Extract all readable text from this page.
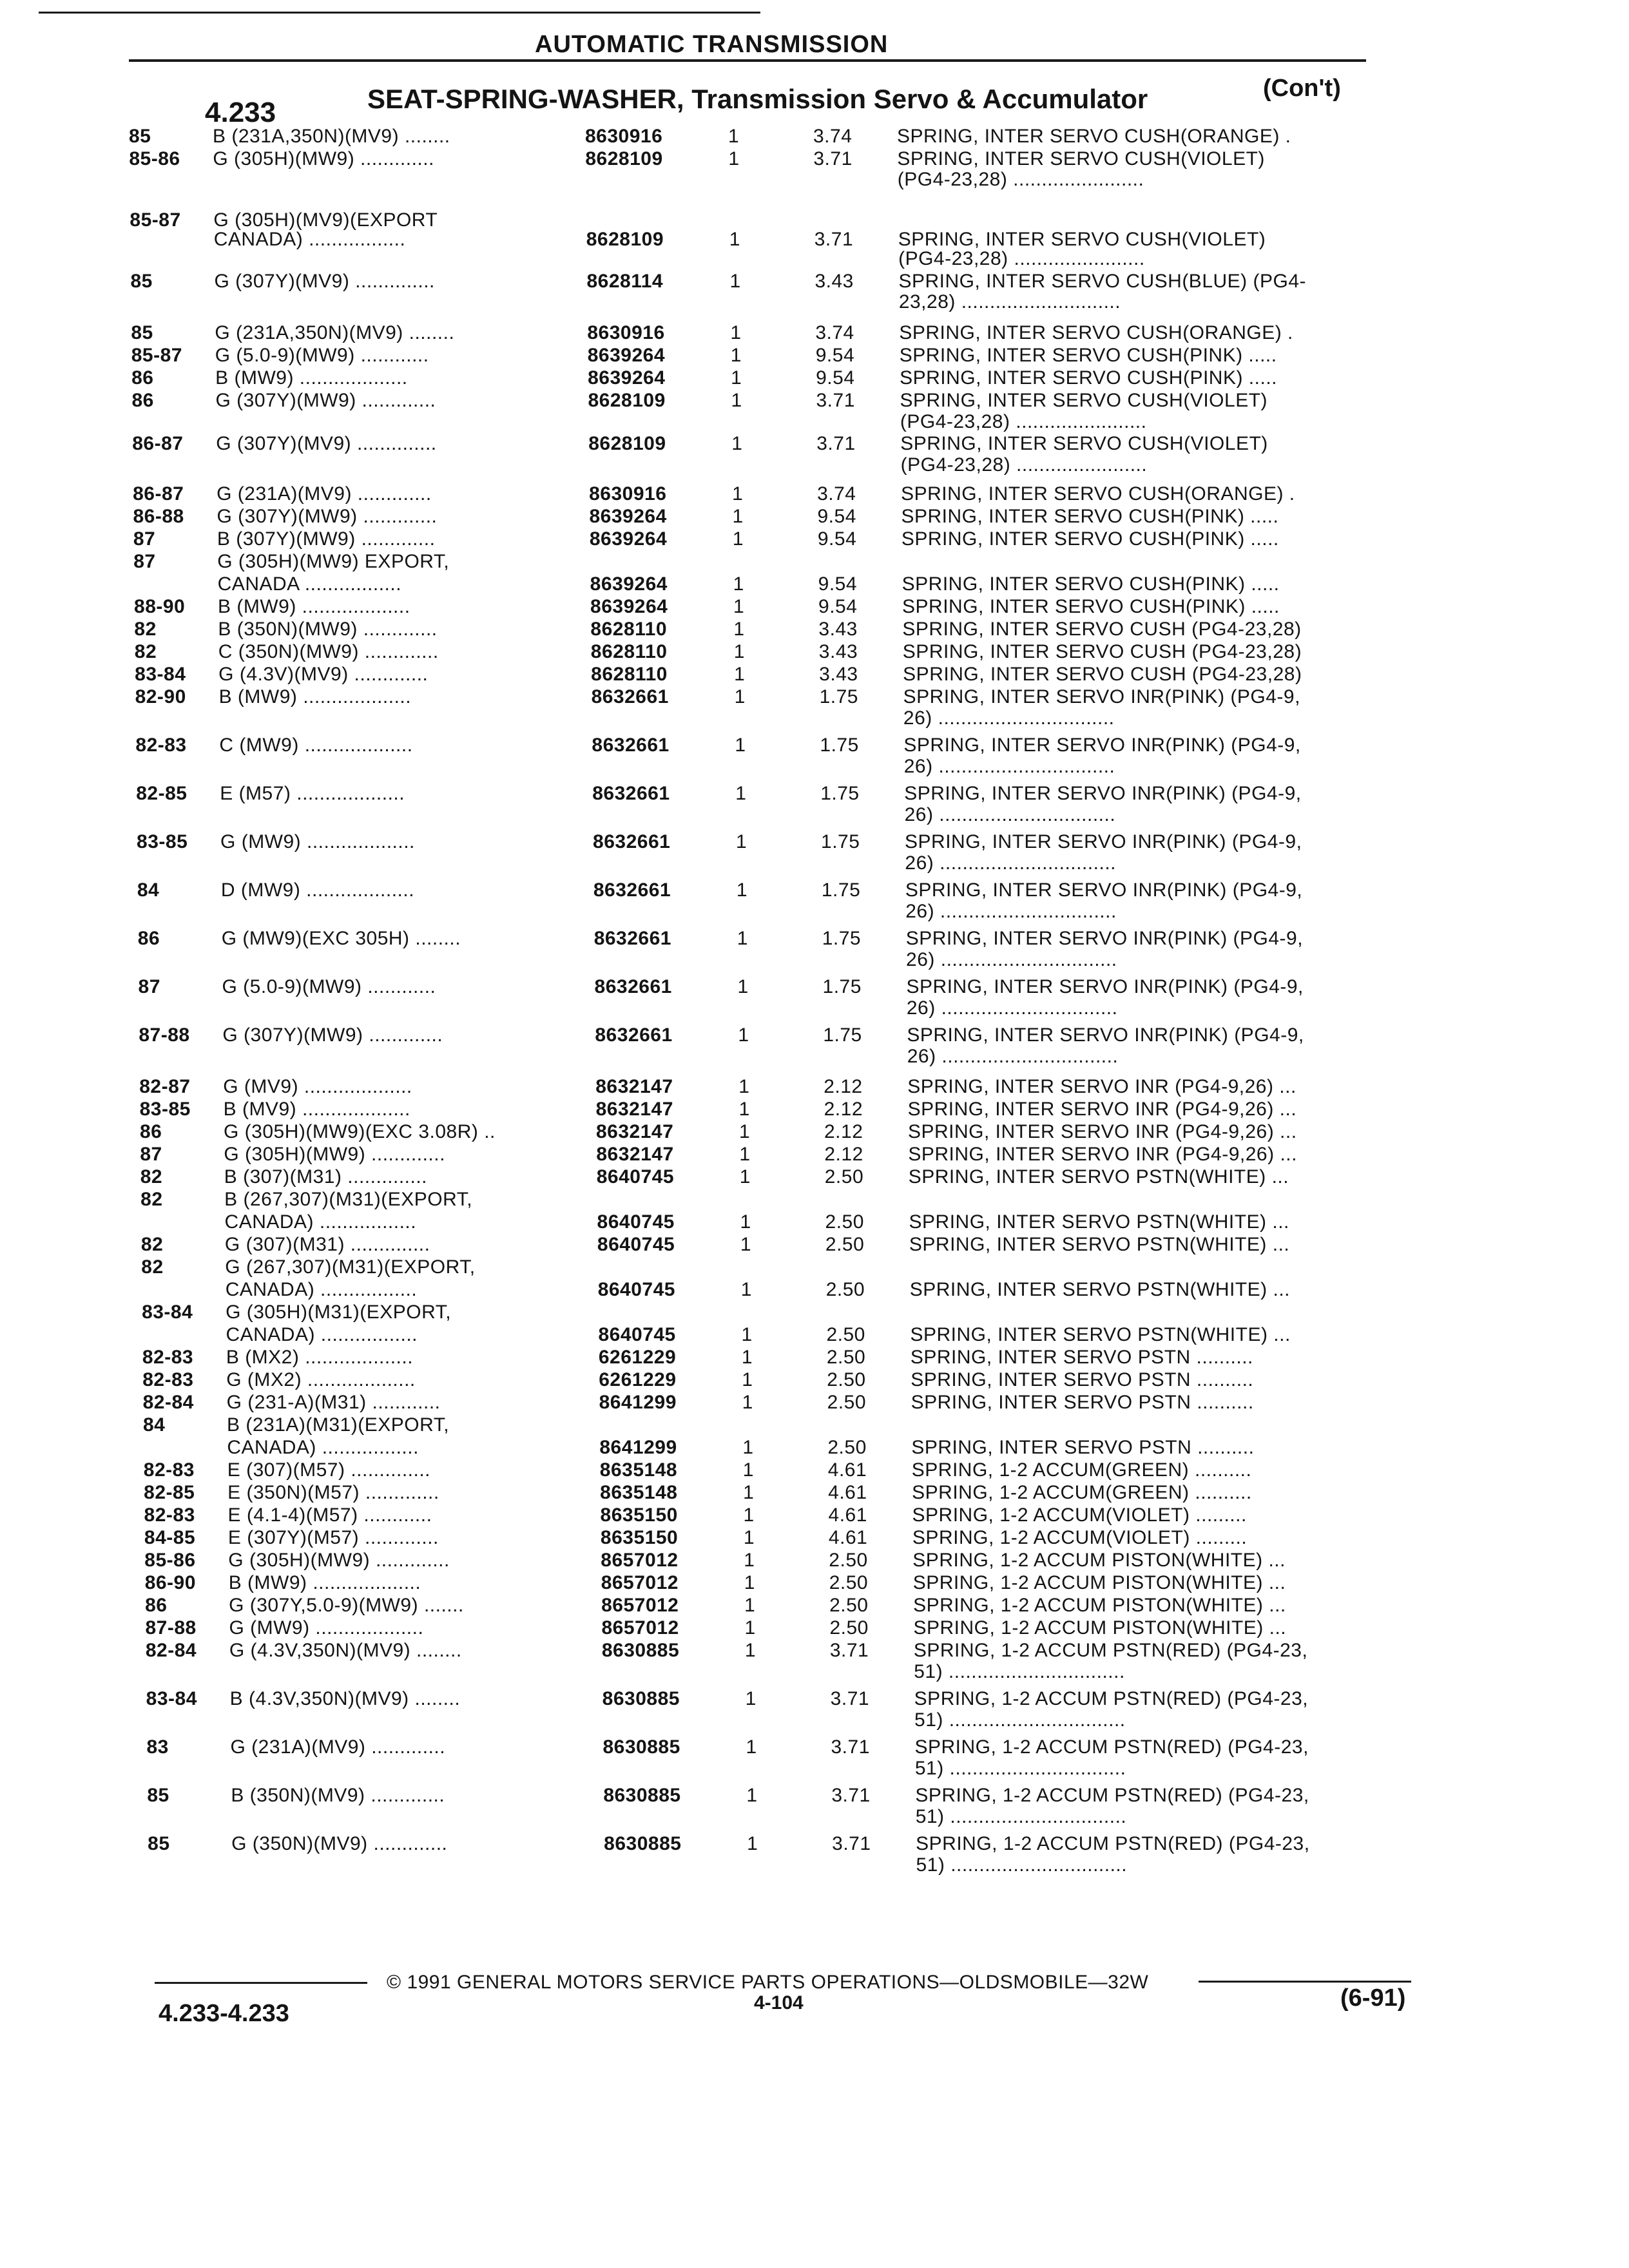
AUTOMATIC TRANSMISSION
4.233	SEAT-SPRING-WASHER, Transmission Servo & Accumulator	(Con't)
85	B (231A,350N)(MV9) ........	8630916	1	3.74 SPRING, INTER SERVO CUSH(ORANGE) .
85-86	G (305H)(MW9) .............	8628109	1	3.71 SPRING, INTER SERVO CUSH(VIOLET)
(PG4-23,28) .......................
85-87	G (305H)(MV9)(EXPORT
CANADA) .................	8628109	1	3.71 SPRING, INTER SERVO CUSH(VIOLET)
(PG4-23,28) .......................
85	G (307Y)(MV9) ..............	8628114	1	3.43 SPRING, INTER SERVO CUSH(BLUE) (PG4-
23,28) ............................
85	G (231A,350N)(MV9) ........	8630916	1	3.74 SPRING, INTER SERVO CUSH(ORANGE) .
85-87	G (5.0-9)(MW9) ............	8639264	1	9.54 SPRING, INTER SERVO CUSH(PINK) .....
86	B (MW9) ...................	8639264	1	9.54 SPRING, INTER SERVO CUSH(PINK) .....
86	G (307Y)(MW9) .............	8628109	1	3.71 SPRING, INTER SERVO CUSH(VIOLET)
(PG4-23,28) .......................
86-87	G (307Y)(MV9) ..............	8628109	1	3.71 SPRING, INTER SERVO CUSH(VIOLET)
(PG4-23,28) .......................
86-87	G (231A)(MV9) .............	8630916	1	3.74 SPRING, INTER SERVO CUSH(ORANGE) .
86-88	G (307Y)(MW9) .............	8639264	1	9.54 SPRING, INTER SERVO CUSH(PINK) .....
87	B (307Y)(MW9) .............	8639264	1	9.54 SPRING, INTER SERVO CUSH(PINK) .....
87	G (305H)(MW9) EXPORT,
CANADA .................	8639264	1	9.54 SPRING, INTER SERVO CUSH(PINK) .....
88-90	B (MW9) ...................	8639264	1	9.54 SPRING, INTER SERVO CUSH(PINK) .....
82	B (350N)(MW9) .............	8628110	1	3.43 SPRING, INTER SERVO CUSH (PG4-23,28)
82	C (350N)(MW9) .............	8628110	1	3.43 SPRING, INTER SERVO CUSH (PG4-23,28)
83-84	G (4.3V)(MV9) .............	8628110	1	3.43 SPRING, INTER SERVO CUSH (PG4-23,28)
82-90	B (MW9) ...................	8632661	1	1.75 SPRING, INTER SERVO INR(PINK) (PG4-9,
26) ...............................
82-83	C (MW9) ...................	8632661	1	1.75 SPRING, INTER SERVO INR(PINK) (PG4-9,
26) ...............................
82-85	E (M57) ...................	8632661	1	1.75 SPRING, INTER SERVO INR(PINK) (PG4-9,
26) ...............................
83-85	G (MW9) ...................	8632661	1	1.75 SPRING, INTER SERVO INR(PINK) (PG4-9,
26) ...............................
84	D (MW9) ...................	8632661	1	1.75 SPRING, INTER SERVO INR(PINK) (PG4-9,
26) ...............................
86	G (MW9)(EXC 305H) ........	8632661	1	1.75 SPRING, INTER SERVO INR(PINK) (PG4-9,
26) ...............................
87	G (5.0-9)(MW9) ............	8632661	1	1.75 SPRING, INTER SERVO INR(PINK) (PG4-9,
26) ...............................
87-88	G (307Y)(MW9) .............	8632661	1	1.75 SPRING, INTER SERVO INR(PINK) (PG4-9,
26) ...............................
82-87	G (MV9) ...................	8632147	1	2.12 SPRING, INTER SERVO INR (PG4-9,26) ...
83-85	B (MV9) ...................	8632147	1	2.12 SPRING, INTER SERVO INR (PG4-9,26) ...
86	G (305H)(MW9)(EXC 3.08R) ..	8632147	1	2.12 SPRING, INTER SERVO INR (PG4-9,26) ...
87	G (305H)(MW9) .............	8632147	1	2.12 SPRING, INTER SERVO INR (PG4-9,26) ...
82	B (307)(M31) ..............	8640745	1	2.50 SPRING, INTER SERVO PSTN(WHITE) ...
82	B (267,307)(M31)(EXPORT,
CANADA) .................	8640745	1	2.50 SPRING, INTER SERVO PSTN(WHITE) ...
82	G (307)(M31) ..............	8640745	1	2.50 SPRING, INTER SERVO PSTN(WHITE) ...
82	G (267,307)(M31)(EXPORT,
CANADA) .................	8640745	1	2.50 SPRING, INTER SERVO PSTN(WHITE) ...
83-84	G (305H)(M31)(EXPORT,
CANADA) .................	8640745	1	2.50 SPRING, INTER SERVO PSTN(WHITE) ...
82-83	B (MX2) ...................	6261229	1	2.50 SPRING, INTER SERVO PSTN ..........
82-83	G (MX2) ...................	6261229	1	2.50 SPRING, INTER SERVO PSTN ..........
82-84	G (231-A)(M31) ............	8641299	1	2.50 SPRING, INTER SERVO PSTN ..........
84	B (231A)(M31)(EXPORT,
CANADA) .................	8641299	1	2.50 SPRING, INTER SERVO PSTN ..........
82-83	E (307)(M57) ..............	8635148	1	4.61 SPRING, 1-2 ACCUM(GREEN) ..........
82-85	E (350N)(M57) .............	8635148	1	4.61 SPRING, 1-2 ACCUM(GREEN) ..........
82-83	E (4.1-4)(M57) ............	8635150	1	4.61 SPRING, 1-2 ACCUM(VIOLET) .........
84-85	E (307Y)(M57) .............	8635150	1	4.61 SPRING, 1-2 ACCUM(VIOLET) .........
85-86	G (305H)(MW9) .............	8657012	1	2.50 SPRING, 1-2 ACCUM PISTON(WHITE) ...
86-90	B (MW9) ...................	8657012	1	2.50 SPRING, 1-2 ACCUM PISTON(WHITE) ...
86	G (307Y,5.0-9)(MW9) .......	8657012	1	2.50 SPRING, 1-2 ACCUM PISTON(WHITE) ...
87-88	G (MW9) ...................	8657012	1	2.50 SPRING, 1-2 ACCUM PISTON(WHITE) ...
82-84	G (4.3V,350N)(MV9) ........	8630885	1	3.71 SPRING, 1-2 ACCUM PSTN(RED) (PG4-23,
51) ...............................
83-84	B (4.3V,350N)(MV9) ........	8630885	1	3.71 SPRING, 1-2 ACCUM PSTN(RED) (PG4-23,
51) ...............................
83	G (231A)(MV9) .............	8630885	1	3.71 SPRING, 1-2 ACCUM PSTN(RED) (PG4-23,
51) ...............................
85	B (350N)(MV9) .............	8630885	1	3.71 SPRING, 1-2 ACCUM PSTN(RED) (PG4-23,
51) ...............................
85	G (350N)(MV9) .............	8630885	1	3.71 SPRING, 1-2 ACCUM PSTN(RED) (PG4-23,
51) ...............................
© 1991 GENERAL MOTORS SERVICE PARTS OPERATIONS—OLDSMOBILE—32W
4.233-4.233	4-104	(6-91)
